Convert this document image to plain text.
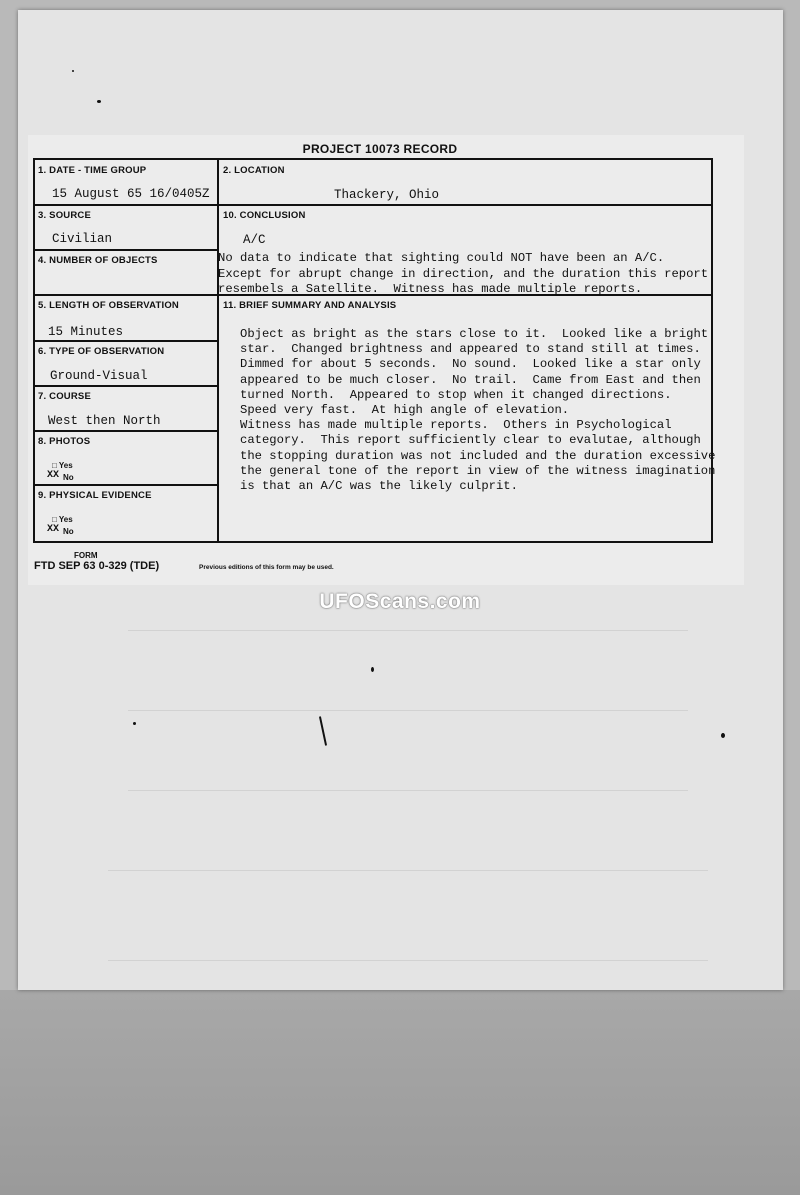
PROJECT 10073 RECORD
1. DATE - TIME GROUP
15 August 65 16/0405Z
2. LOCATION
Thackery, Ohio
3. SOURCE
Civilian
10. CONCLUSION
A/C
No data to indicate that sighting could NOT have been an A/C.
Except for abrupt change in direction, and the duration this report
resembels a Satellite.  Witness has made multiple reports.
4. NUMBER OF OBJECTS
5. LENGTH OF OBSERVATION
15 Minutes
11. BRIEF SUMMARY AND ANALYSIS
Object as bright as the stars close to it.  Looked like a bright
star.  Changed brightness and appeared to stand still at times.
Dimmed for about 5 seconds.  No sound.  Looked like a star only
appeared to be much closer.  No trail.  Came from East and then
turned North.  Appeared to stop when it changed directions.
Speed very fast.  At high angle of elevation.
Witness has made multiple reports.  Others in Psychological
category.  This report sufficiently clear to evalutae, although
the stopping duration was not included and the duration excessive
the general tone of the report in view of the witness imagination
is that an A/C was the likely culprit.
6. TYPE OF OBSERVATION
Ground-Visual
7. COURSE
West then North
8. PHOTOS
□ Yes
XX No
9. PHYSICAL EVIDENCE
□ Yes
XX No
FORM
FTD SEP 63 0-329 (TDE)	Previous editions of this form may be used.
UFOScans.com
